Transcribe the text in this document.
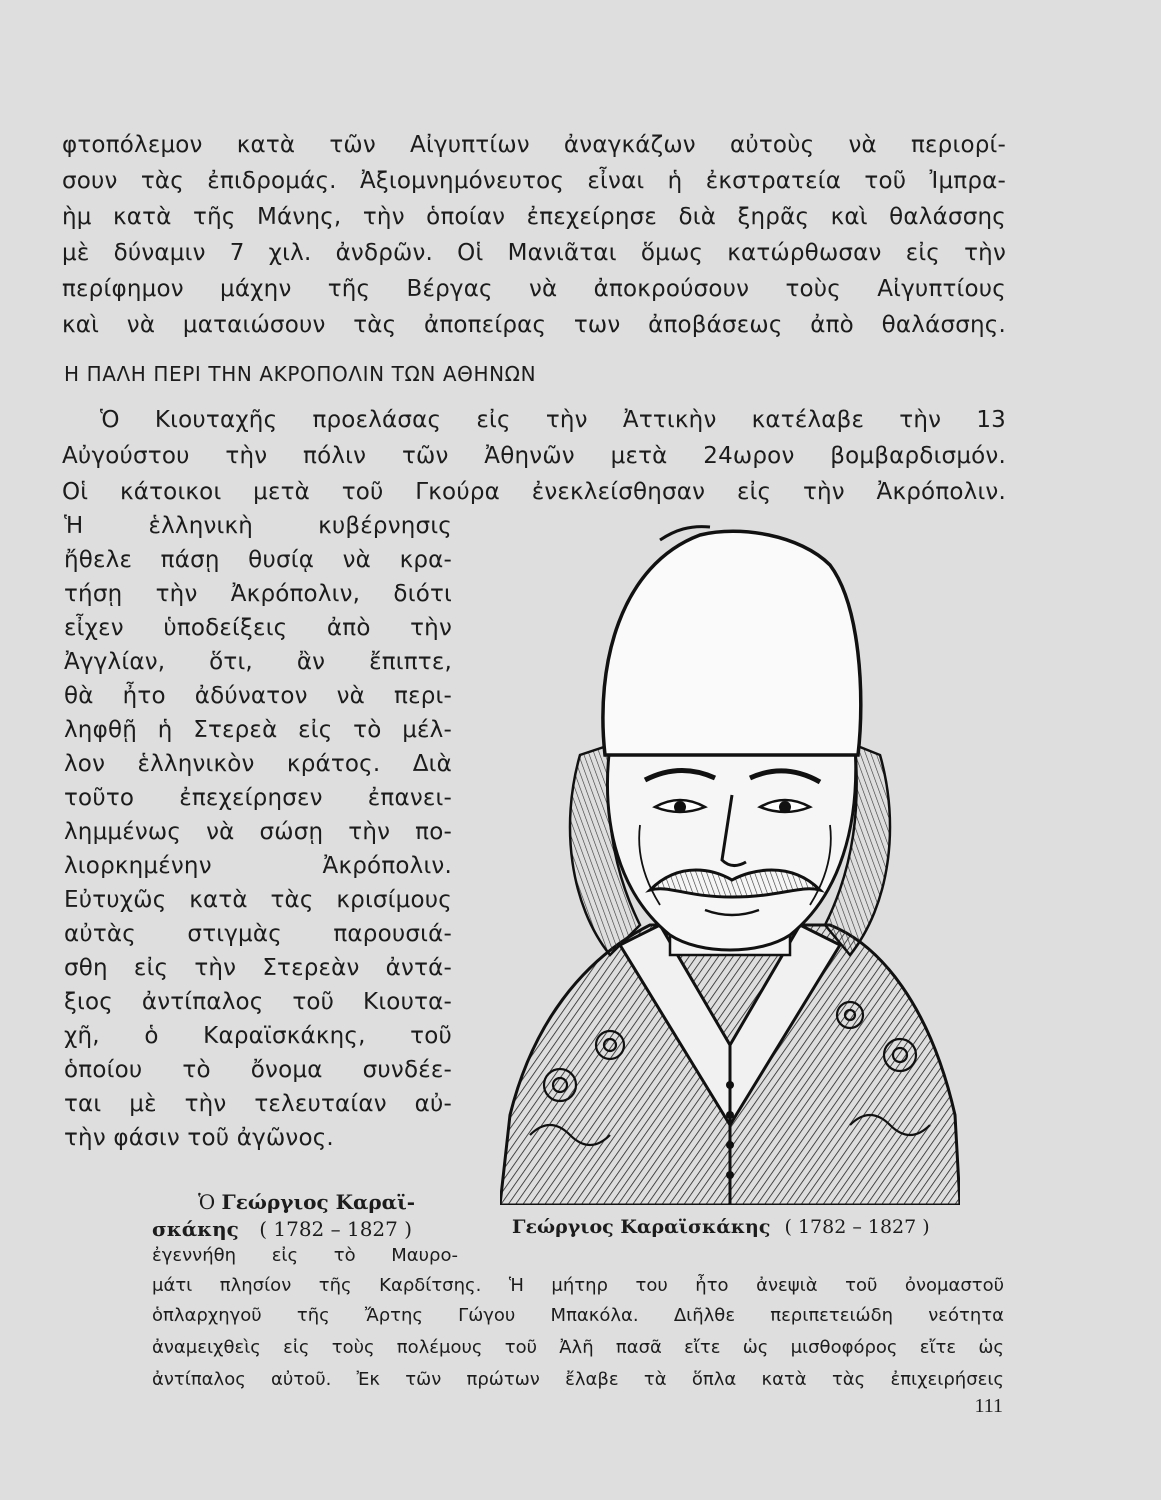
φτοπόλεμον κατὰ τῶν Αἰγυπτίων ἀναγκάζων αὐτοὺς νὰ περιορί-
σουν τὰς ἐπιδρομάς. Ἀξιομνημόνευτος εἶναι ἡ ἐκστρατεία τοῦ Ἰμπρα-
ὴμ κατὰ τῆς Μάνης, τὴν ὁποίαν ἐπεχείρησε διὰ ξηρᾶς καὶ θαλάσσης
μὲ δύναμιν 7 χιλ. ἀνδρῶν. Οἱ Μανιᾶται ὅμως κατώρθωσαν εἰς τὴν
περίφημον μάχην τῆς Βέργας νὰ ἀποκρούσουν τοὺς Αἰγυπτίους
καὶ νὰ ματαιώσουν τὰς ἀποπείρας των ἀποβάσεως ἀπὸ θαλάσσης.
Η ΠΑΛΗ ΠΕΡΙ ΤΗΝ ΑΚΡΟΠΟΛΙΝ ΤΩΝ ΑΘΗΝΩΝ
Ὁ Κιουταχῆς προελάσας εἰς τὴν Ἀττικὴν κατέλαβε τὴν 13
Αὐγούστου τὴν πόλιν τῶν Ἀθηνῶν μετὰ 24ωρον βομβαρδισμόν.
Οἱ κάτοικοι μετὰ τοῦ Γκούρα ἐνεκλείσθησαν εἰς τὴν Ἀκρόπολιν.
Ἡ ἑλληνικὴ κυβέρνησις
ἤθελε πάσῃ θυσίᾳ νὰ κρα-
τήσῃ τὴν Ἀκρόπολιν, διότι
εἶχεν ὑποδείξεις ἀπὸ τὴν
Ἀγγλίαν, ὅτι, ἂν ἔπιπτε,
θὰ ἦτο ἀδύνατον νὰ περι-
ληφθῇ ἡ Στερεὰ εἰς τὸ μέλ-
λον ἑλληνικὸν κράτος. Διὰ
τοῦτο ἐπεχείρησεν ἐπανει-
λημμένως νὰ σώσῃ τὴν πο-
λιορκημένην Ἀκρόπολιν.
Εὐτυχῶς κατὰ τὰς κρισίμους
αὐτὰς στιγμὰς παρουσιά-
σθη εἰς τὴν Στερεὰν ἀντά-
ξιος ἀντίπαλος τοῦ Κιουτα-
χῆ, ὁ Καραϊσκάκης, τοῦ
ὁποίου τὸ ὄνομα συνδέε-
ται μὲ τὴν τελευταίαν αὐ-
τὴν φάσιν τοῦ ἀγῶνος.
Ὁ Γεώργιος Καραϊ-
σκάκης ( 1782 – 1827 )
ἐγεννήθη εἰς τὸ Μαυρο-
μάτι πλησίον τῆς Καρδίτσης. Ἡ μήτηρ του ἦτο ἀνεψιὰ τοῦ ὀνομαστοῦ
ὁπλαρχηγοῦ τῆς Ἄρτης Γώγου Μπακόλα. Διῆλθε περιπετειώδη νεότητα
ἀναμειχθεὶς εἰς τοὺς πολέμους τοῦ Ἀλῆ πασᾶ εἴτε ὡς μισθοφόρος εἴτε ὡς
ἀντίπαλος αὐτοῦ. Ἐκ τῶν πρώτων ἔλαβε τὰ ὅπλα κατὰ τὰς ἐπιχειρήσεις
Γεώργιος Καραϊσκάκης ( 1782 – 1827 )
111
